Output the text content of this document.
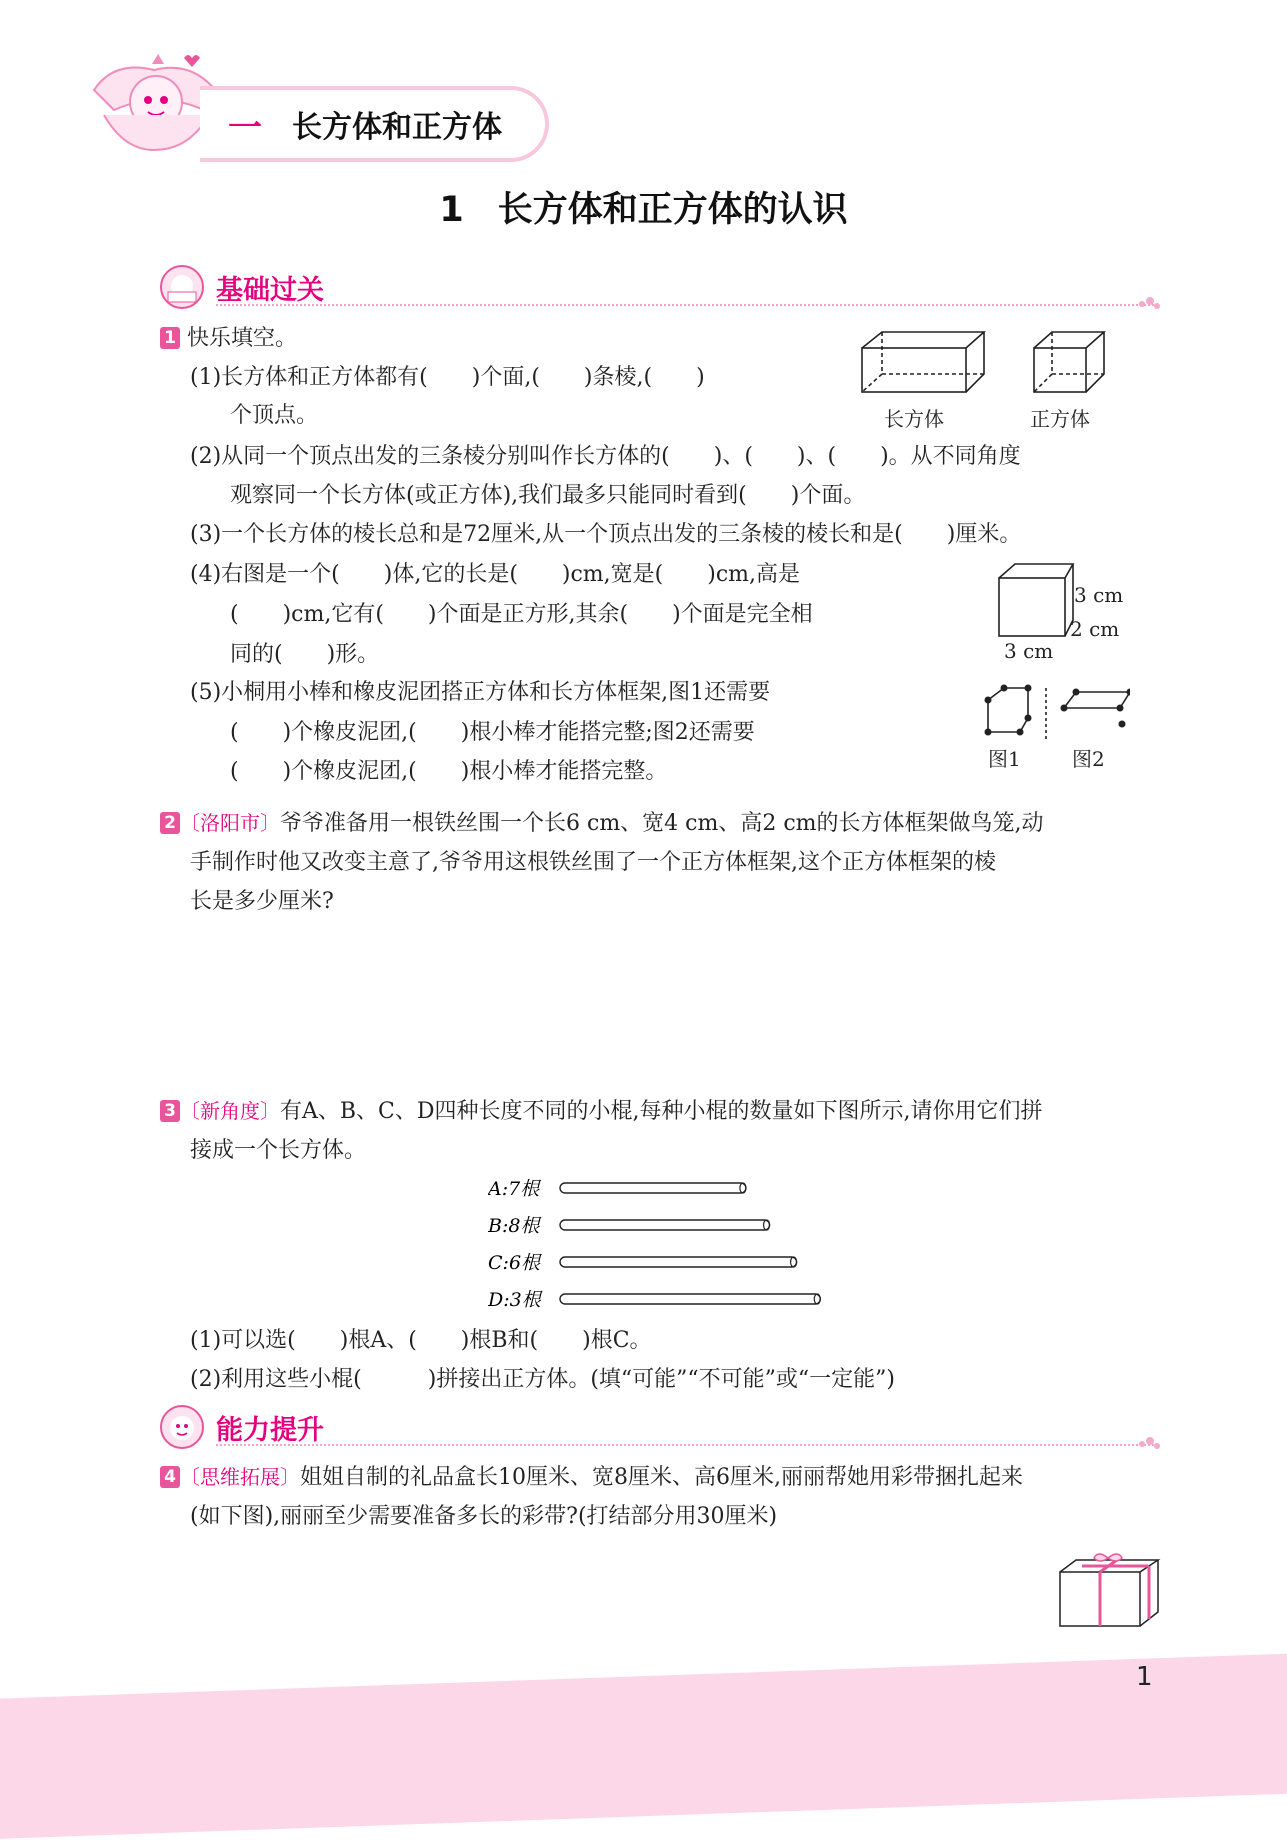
一 长方体和正方体
1 长方体和正方体的认识
基础过关
1 快乐填空。
(1)长方体和正方体都有(　　)个面,(　　)条棱,(　　)
个顶点。	长方体	正方体
(2)从同一个顶点出发的三条棱分别叫作长方体的(　　)、(　　)、(　　)。从不同角度
观察同一个长方体(或正方体),我们最多只能同时看到(　　)个面。
(3)一个长方体的棱长总和是72厘米,从一个顶点出发的三条棱的棱长和是(　　)厘米。
(4)右图是一个(　　)体,它的长是(　　)cm,宽是(　　)cm,高是
(　　)cm,它有(　　)个面是正方形,其余(　　)个面是完全相
同的(　　)形。
3 cm
2 cm
3 cm
(5)小桐用小棒和橡皮泥团搭正方体和长方体框架,图1还需要
(　　)个橡皮泥团,(　　)根小棒才能搭完整;图2还需要
(　　)个橡皮泥团,(　　)根小棒才能搭完整。	图1	图2
2 〔洛阳市〕爷爷准备用一根铁丝围一个长6 cm、宽4 cm、高2 cm的长方体框架做鸟笼,动
手制作时他又改变主意了,爷爷用这根铁丝围了一个正方体框架,这个正方体框架的棱
长是多少厘米?
3 〔新角度〕有A、B、C、D四种长度不同的小棍,每种小棍的数量如下图所示,请你用它们拼
接成一个长方体。
A:7根
B:8根
C:6根
D:3根
(1)可以选(　　)根A、(　　)根B和(　　)根C。
(2)利用这些小棍(　　　)拼接出正方体。(填“可能”“不可能”或“一定能”)
能力提升
4 〔思维拓展〕姐姐自制的礼品盒长10厘米、宽8厘米、高6厘米,丽丽帮她用彩带捆扎起来
(如下图),丽丽至少需要准备多长的彩带?(打结部分用30厘米)
1
